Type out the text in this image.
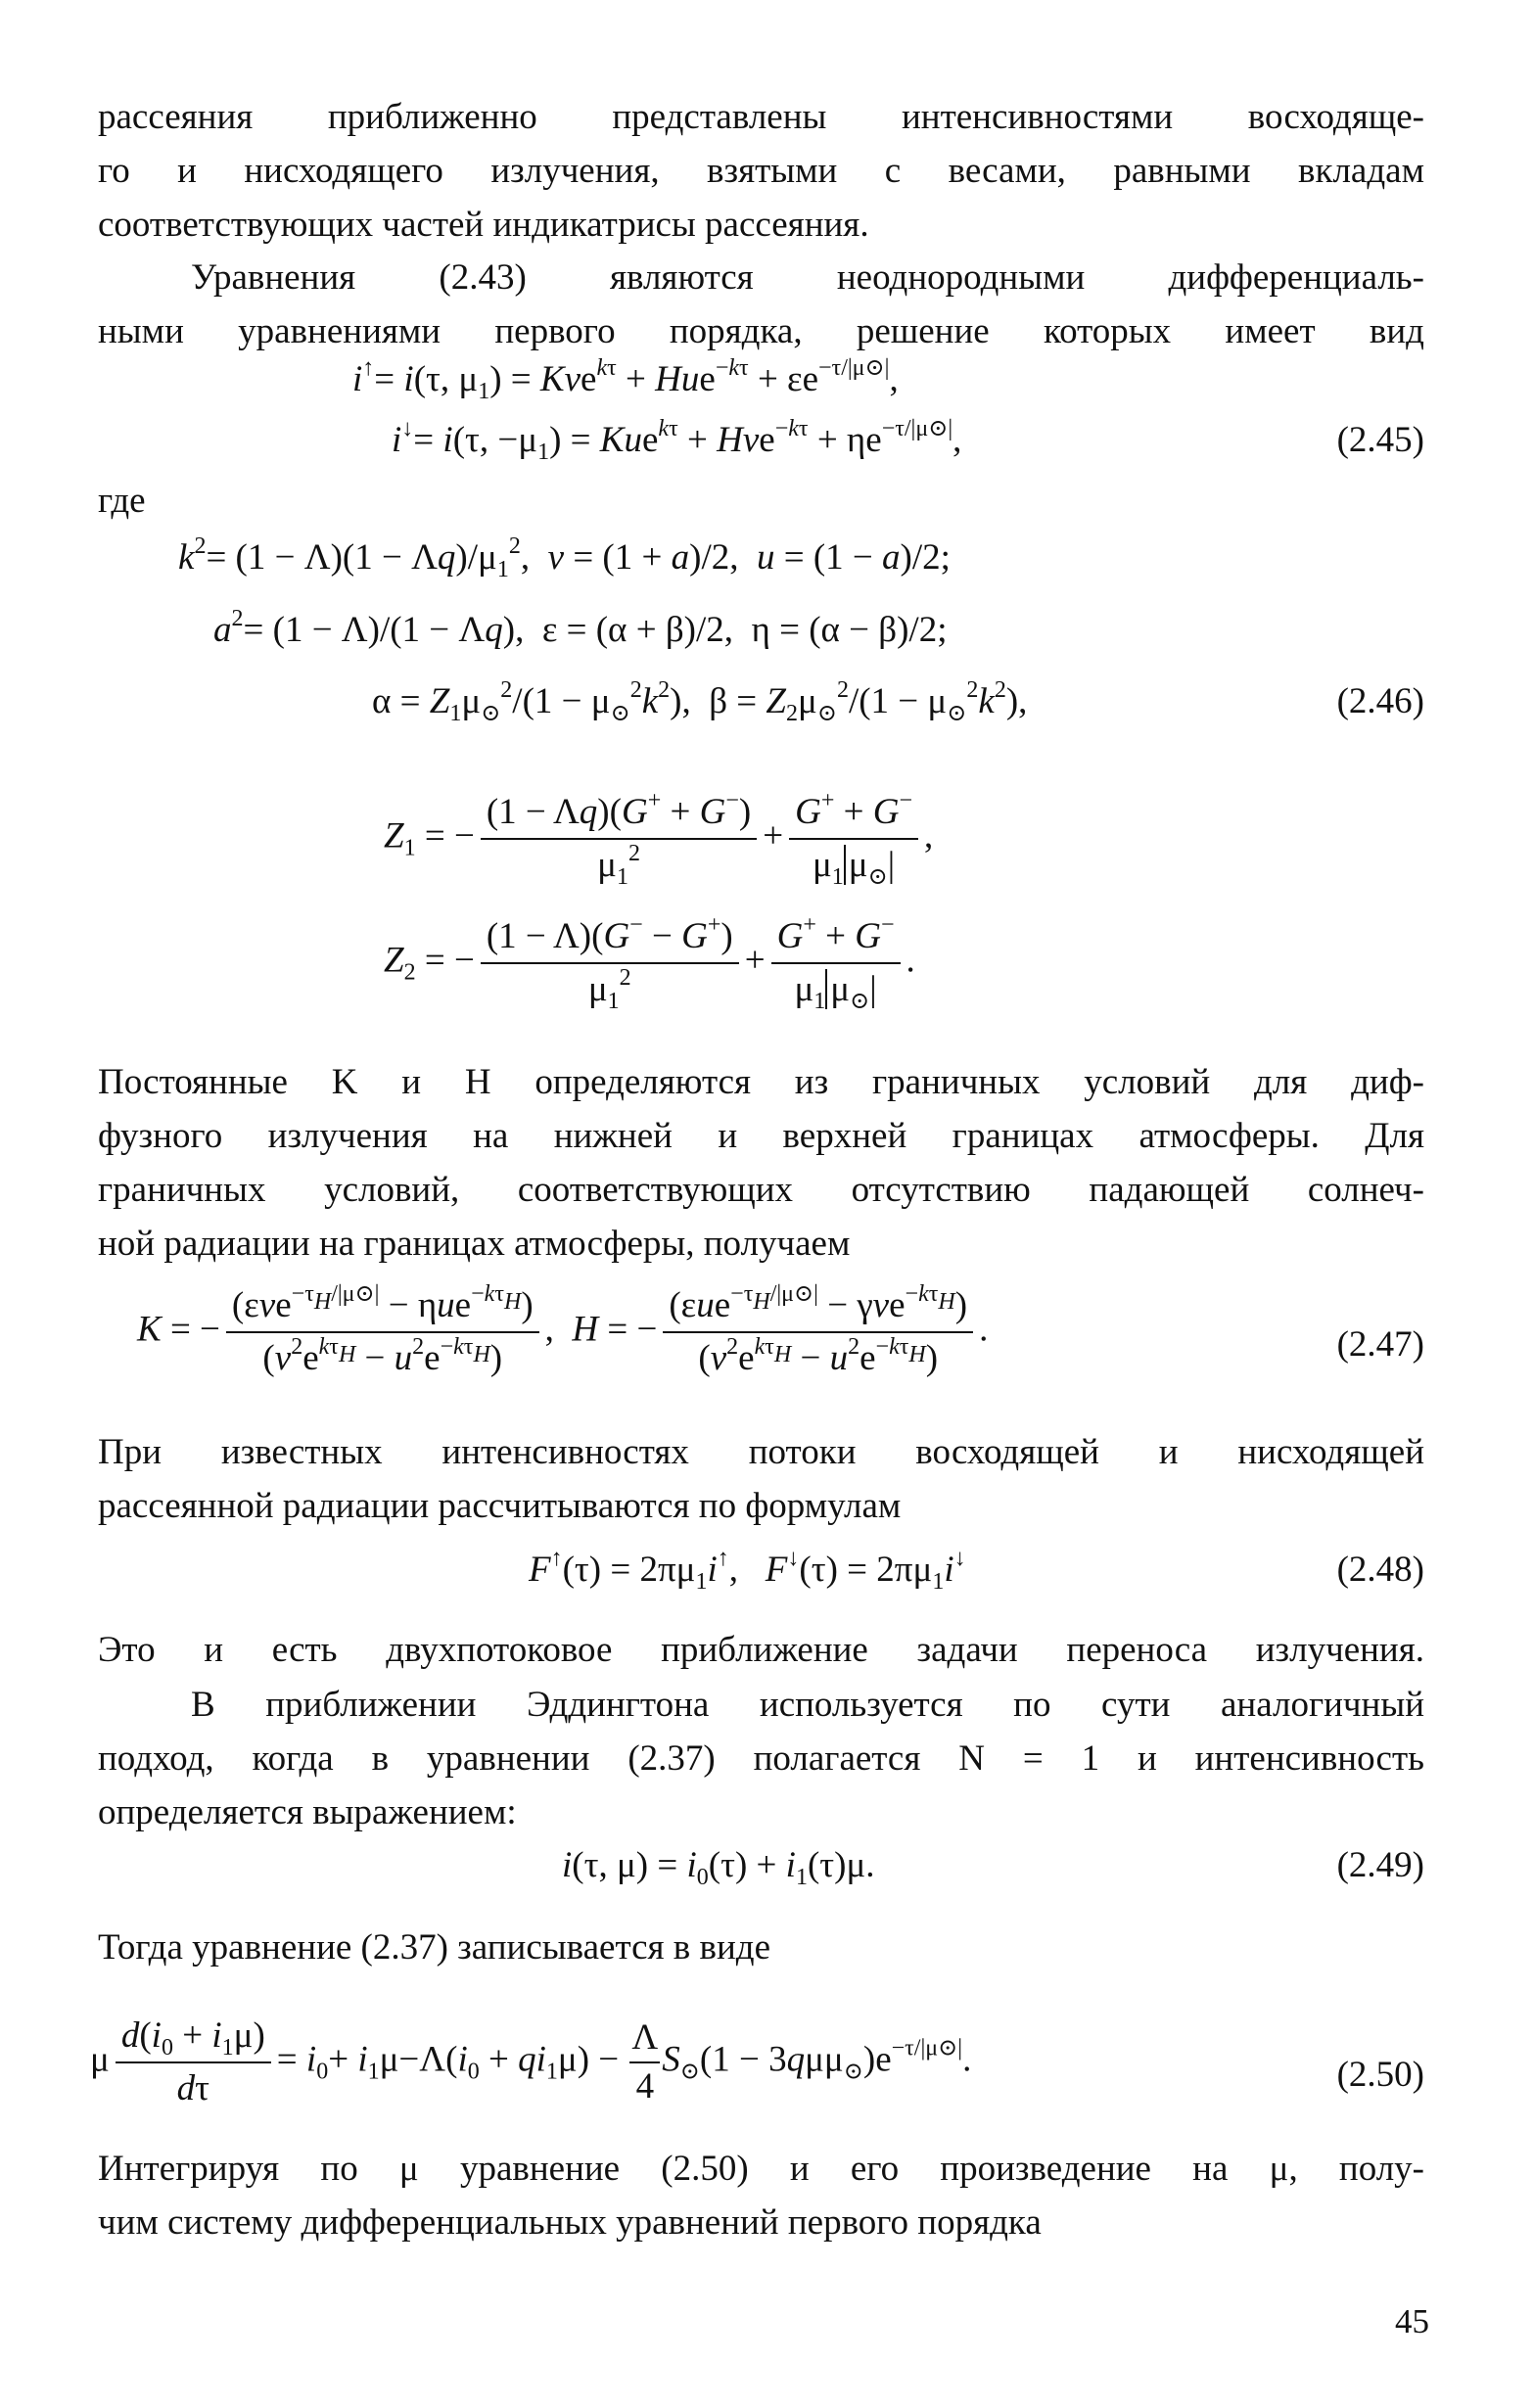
рассеяния приближенно представлены интенсивностями восходяще-
го и нисходящего излучения, взятыми с весами, равными вкладам
соответствующих частей индикатрисы рассеяния.

Уравнения (2.43) являются неоднородными дифференциаль-
ными уравнениями первого порядка, решение которых имеет вид

i↑= i(τ, $\mu_1) = Kve^{k\tau} + Hue^{-k\tau} + \varepsilon e^{-\tau/|\mu⊙|}$,
i↓= i(τ, $-\mu_1) = Kue^{k\tau} + Hve^{-k\tau} + \eta e^{-\tau/|\mu⊙|}$,	(2.45)
где
$k^2= (1 - \Lambda)(1 - \Lambda q)/\mu_1^2$,  v = (1 + a)/2,  u = (1 − a)/2;
$a^2= (1 - \Lambda)/(1 - \Lambda q)$,  ε = (α + β)/2,  η = (α − β)/2;
$\alpha = Z_1\mu_⊙^2/(1 - \mu_⊙^2k^2)$,  $\beta = Z_2\mu_⊙^2/(1 - \mu_⊙^2k^2)$,	(2.46)
$Z_1$ = − $\frac{(1 - \Lambda q)(G^+ + G^-)}{\mu_1^2} + \frac{G^+ + G^-}{\mu_1 \mu_⊙|}$ ,
$Z_2$ = − $\frac{(1 - \Lambda)(G^- - G^+)}{\mu_1^2} + \frac{G^+ + G^-}{\mu_1 \mu_⊙|}$ .

Постоянные K и H определяются из граничных условий для диф-
фузного излучения на нижней и верхней границах атмосферы. Для
граничных условий, соответствующих отсутствию падающей солнеч-
ной радиации на границах атмосферы, получаем

K = − $\frac{(\varepsilon ve^{-\tau_H/|\mu⊙|} - \eta ue^{-k\tau_H})}{(v^2e^{k\tau_H} - u^2e^{-k\tau_H})}$ ,  H = − $\frac{(\varepsilon ue^{-\tau_H/|\mu⊙|} - \gamma ve^{-k\tau_H})}{(v^2e^{k\tau_H} - u^2e^{-k\tau_H})}$ .	(2.47)

При известных интенсивностях потоки восходящей и нисходящей
рассеянной радиации рассчитываются по формулам

$F^↑(\tau) = 2\pi\mu_1i^↑$,   $F^↓(\tau) = 2\pi\mu_1i^↓$	(2.48)

Это и есть двухпотоковое приближение задачи переноса излучения.

В приближении Эддингтона используется по сути аналогичный
подход, когда в уравнении (2.37) полагается N = 1 и интенсивность
определяется выражением:

i(τ, $\mu) = i_0(\tau) + i_1(\tau)\mu$.	(2.49)

Тогда уравнение (2.37) записывается в виде

μ $\frac{d(i_0 + i_1\mu)}{d\tau} = i_0+ i_1\mu-\Lambda(i_0 + qi_1\mu) - \frac{\Lambda}{4} S_⊙(1 - 3q\mu\mu_⊙)e^{-\tau/|\mu⊙|}$.	(2.50)

Интегрируя по μ уравнение (2.50) и его произведение на μ, полу-
чим систему дифференциальных уравнений первого порядка

45
